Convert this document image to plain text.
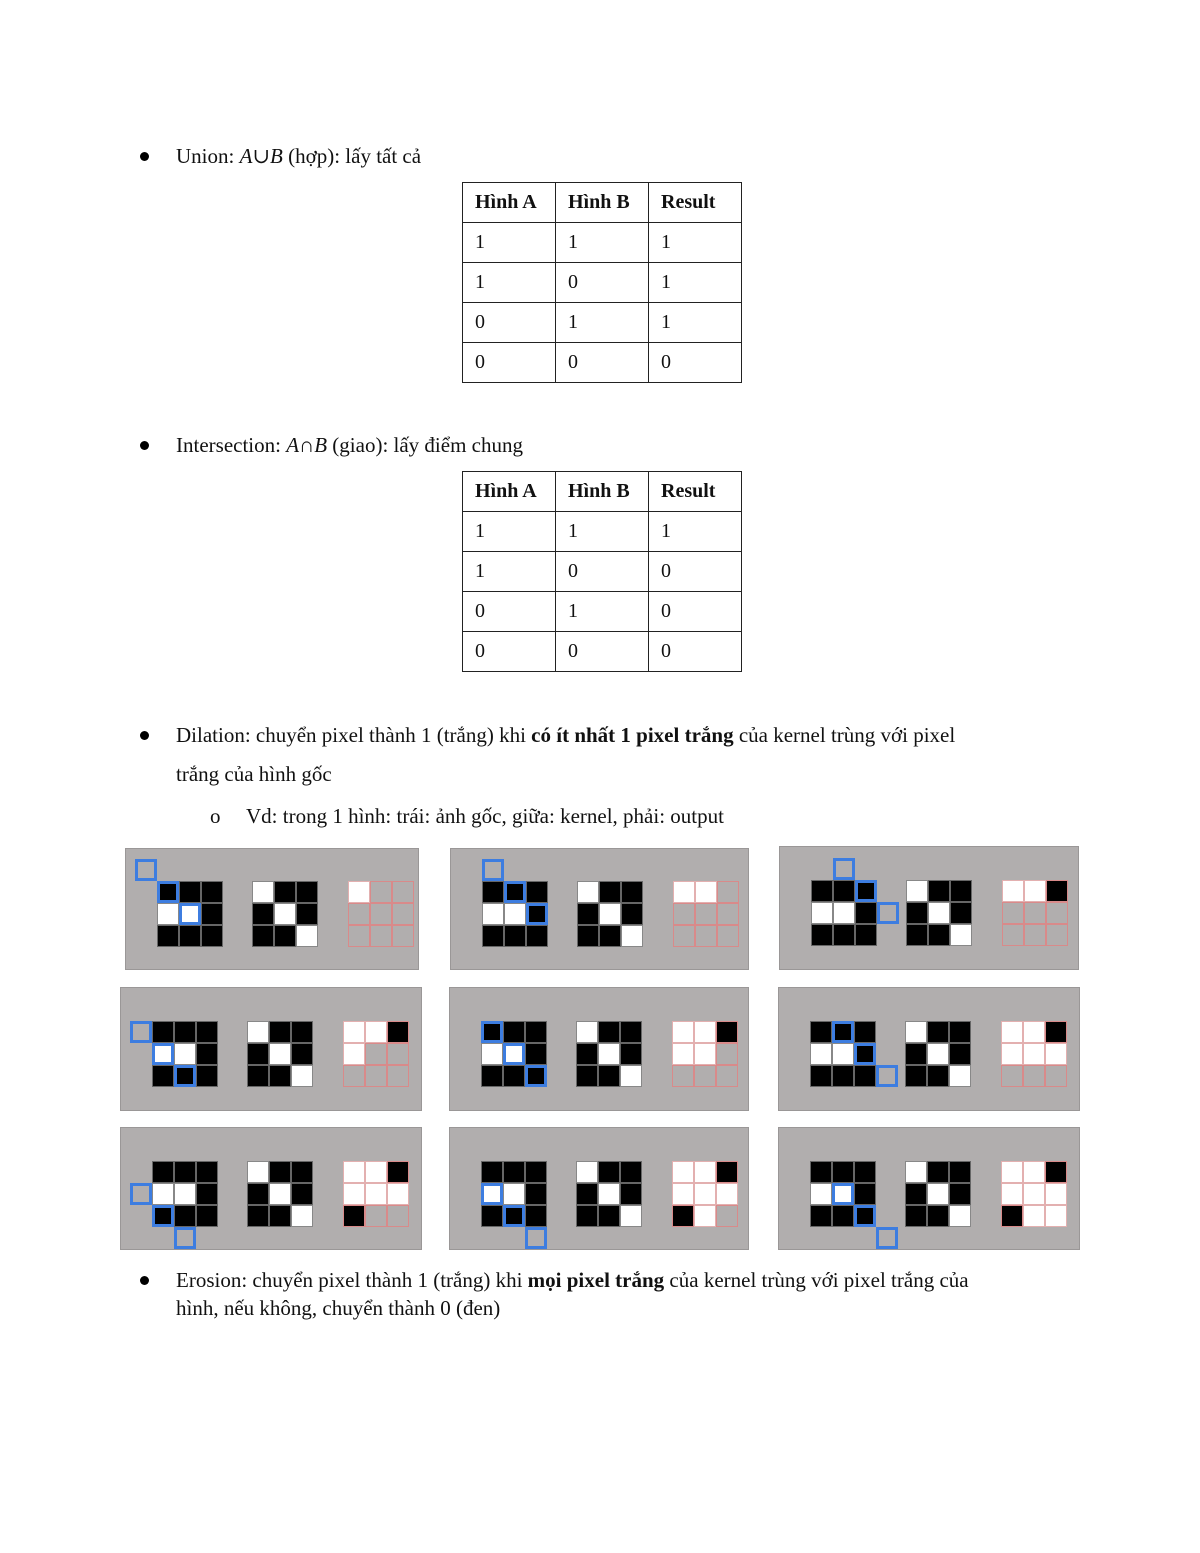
Union: A∪B (hợp): lấy tất cả
Hình A	Hình B	Result
1	1	1
1	0	1
0	1	1
0	0	0
Intersection: A∩B (giao): lấy điểm chung
Hình A	Hình B	Result
1	1	1
1	0	0
0	1	0
0	0	0
Dilation: chuyển pixel thành 1 (trắng) khi có ít nhất 1 pixel trắng của kernel trùng với pixel
trắng của hình gốc
o Vd: trong 1 hình: trái: ảnh gốc, giữa: kernel, phải: output
Erosion: chuyển pixel thành 1 (trắng) khi mọi pixel trắng của kernel trùng với pixel trắng của
hình, nếu không, chuyển thành 0 (đen)
